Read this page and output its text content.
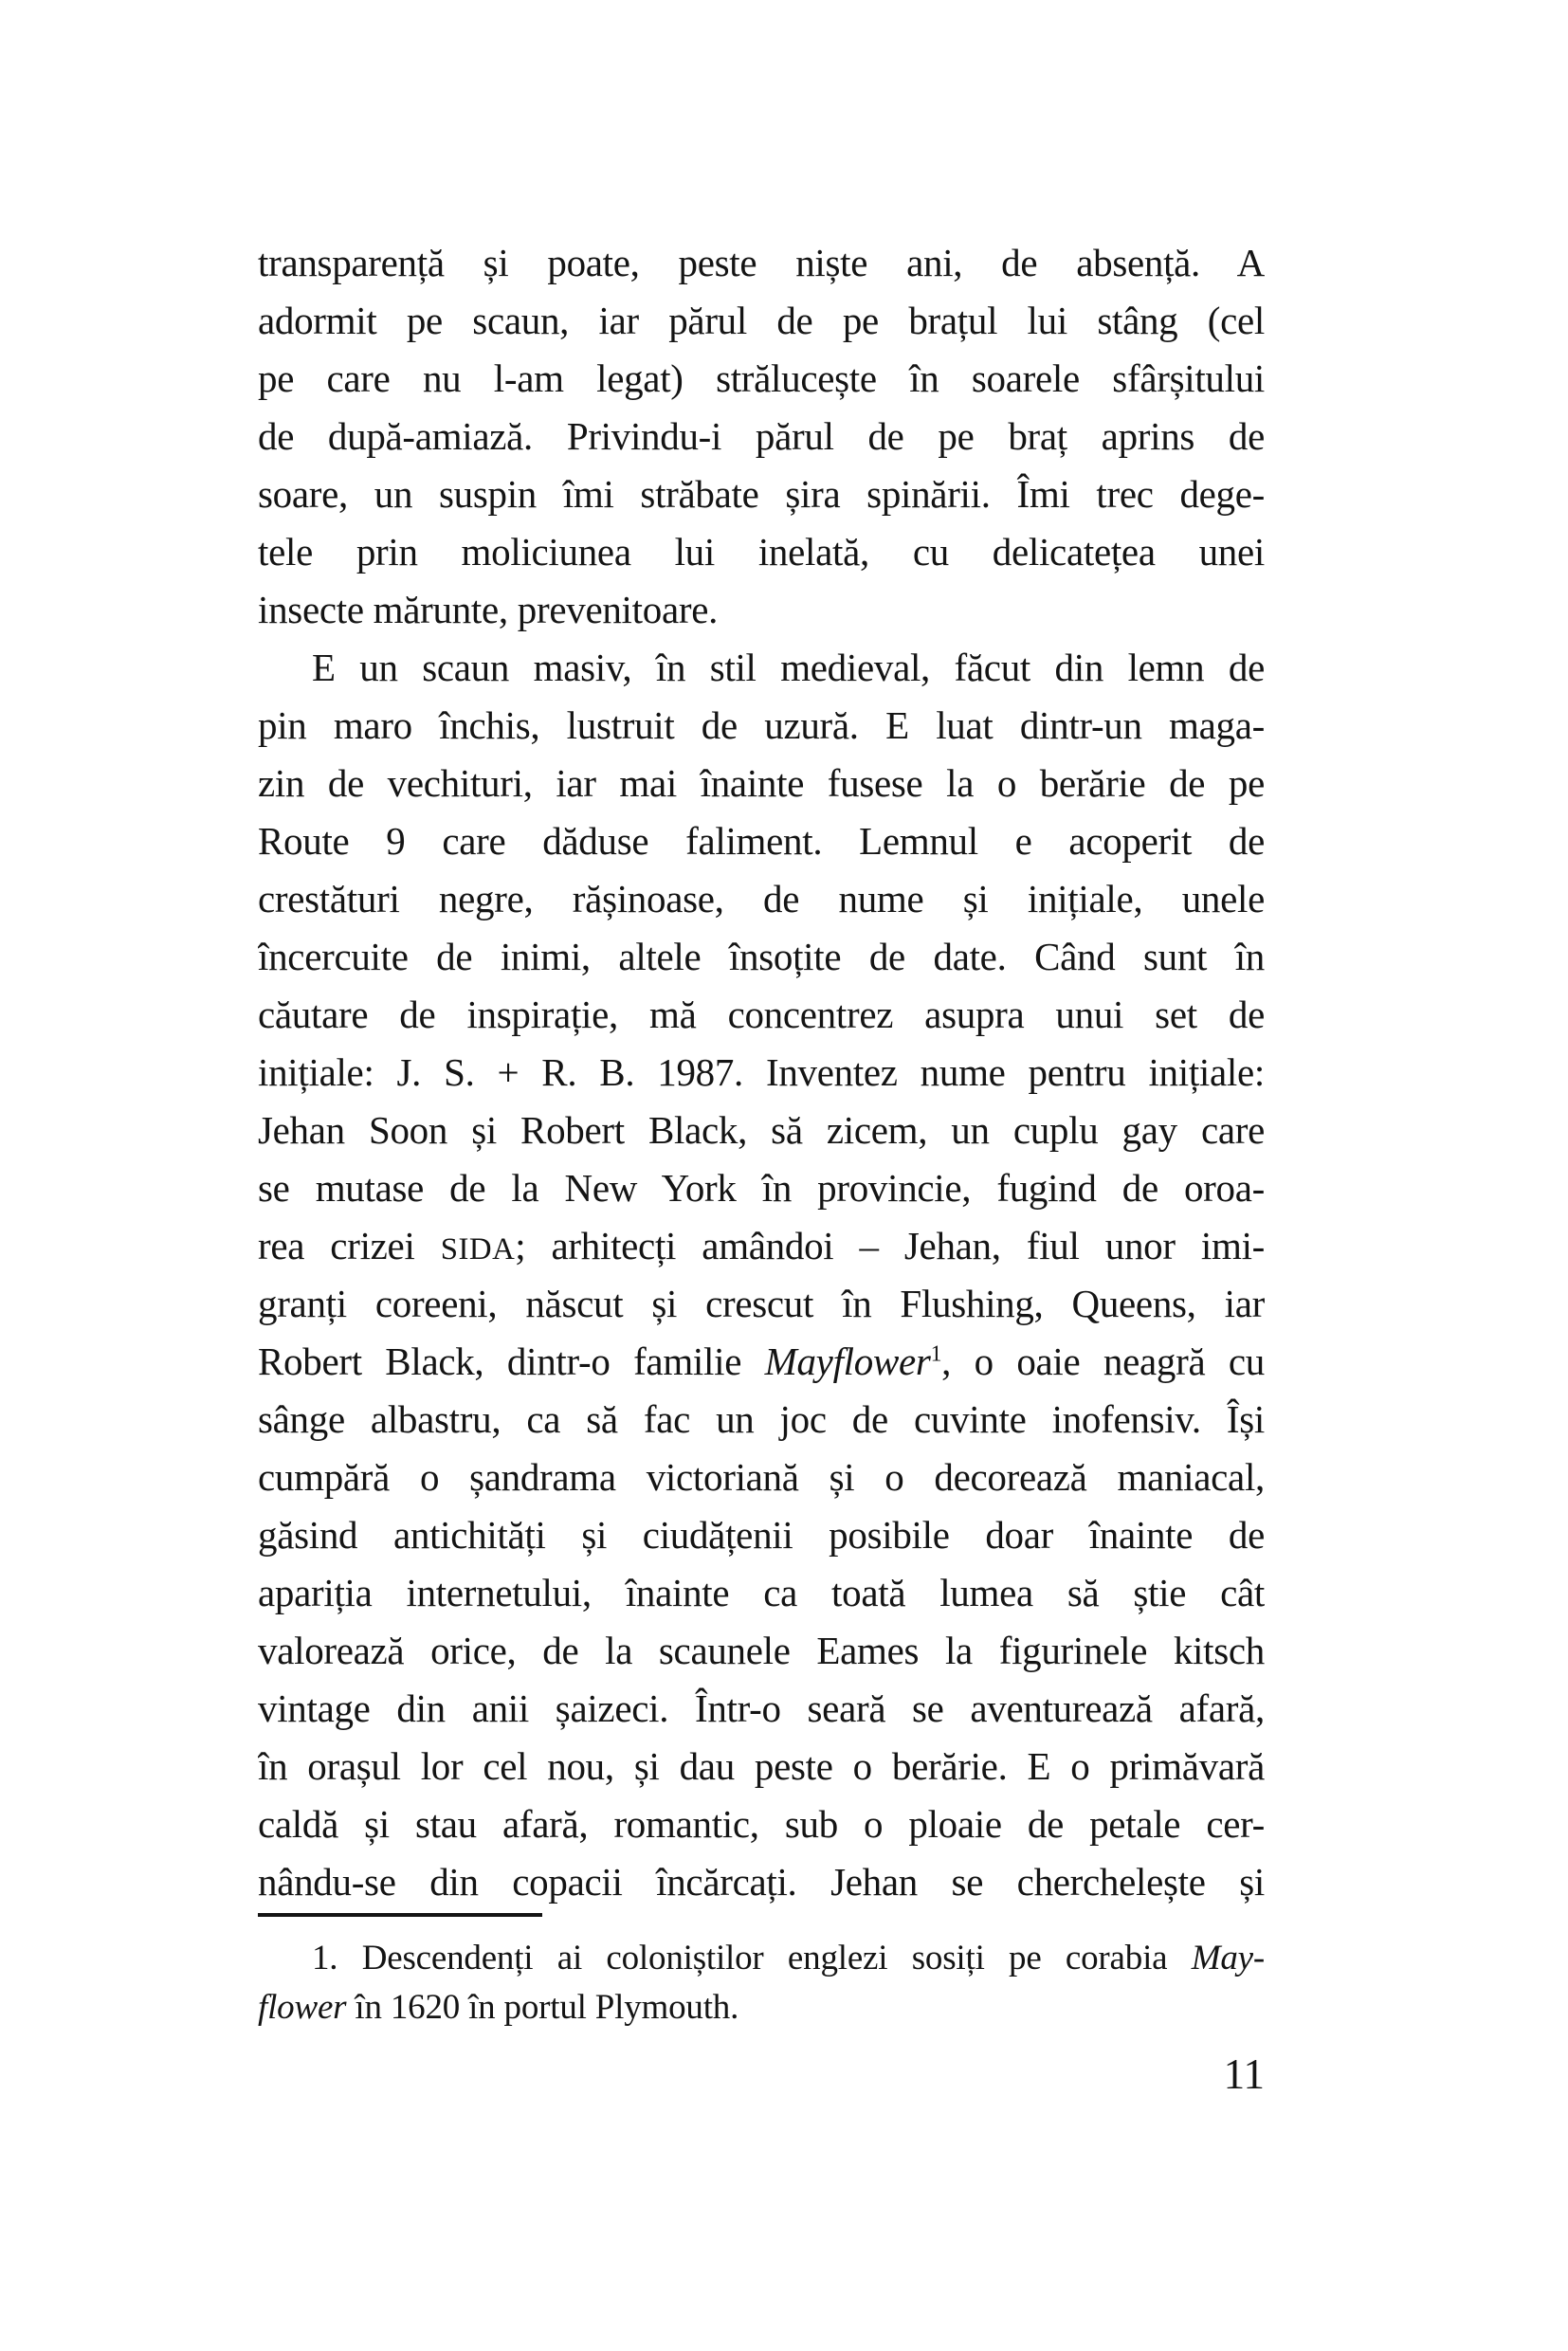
transparență și poate, peste niște ani, de absență. A
adormit pe scaun, iar părul de pe brațul lui stâng (cel
pe care nu l-am legat) strălucește în soarele sfârșitului
de după-amiază. Privindu-i părul de pe braț aprins de
soare, un suspin îmi străbate șira spinării. Îmi trec dege-
tele prin moliciunea lui inelată, cu delicatețea unei
insecte mărunte, prevenitoare.
E un scaun masiv, în stil medieval, făcut din lemn de
pin maro închis, lustruit de uzură. E luat dintr-un maga-
zin de vechituri, iar mai înainte fusese la o berărie de pe
Route 9 care dăduse faliment. Lemnul e acoperit de
crestături negre, rășinoase, de nume și inițiale, unele
încercuite de inimi, altele însoțite de date. Când sunt în
căutare de inspirație, mă concentrez asupra unui set de
inițiale: J. S. + R. B. 1987. Inventez nume pentru inițiale:
Jehan Soon și Robert Black, să zicem, un cuplu gay care
se mutase de la New York în provincie, fugind de oroa-
rea crizei SIDA; arhitecți amândoi – Jehan, fiul unor imi-
granți coreeni, născut și crescut în Flushing, Queens, iar
Robert Black, dintr-o familie Mayflower$^1$, o oaie neagră cu
sânge albastru, ca să fac un joc de cuvinte inofensiv. Își
cumpără o șandrama victoriană și o decorează maniacal,
găsind antichități și ciudățenii posibile doar înainte de
apariția internetului, înainte ca toată lumea să știe cât
valorează orice, de la scaunele Eames la figurinele kitsch
vintage din anii șaizeci. Într-o seară se aventurează afară,
în orașul lor cel nou, și dau peste o berărie. E o primăvară
caldă și stau afară, romantic, sub o ploaie de petale cer-
nându-se din copacii încărcați. Jehan se cherchelește și
1. Descendenți ai coloniștilor englezi sosiți pe corabia May-
flower în 1620 în portul Plymouth.
11
